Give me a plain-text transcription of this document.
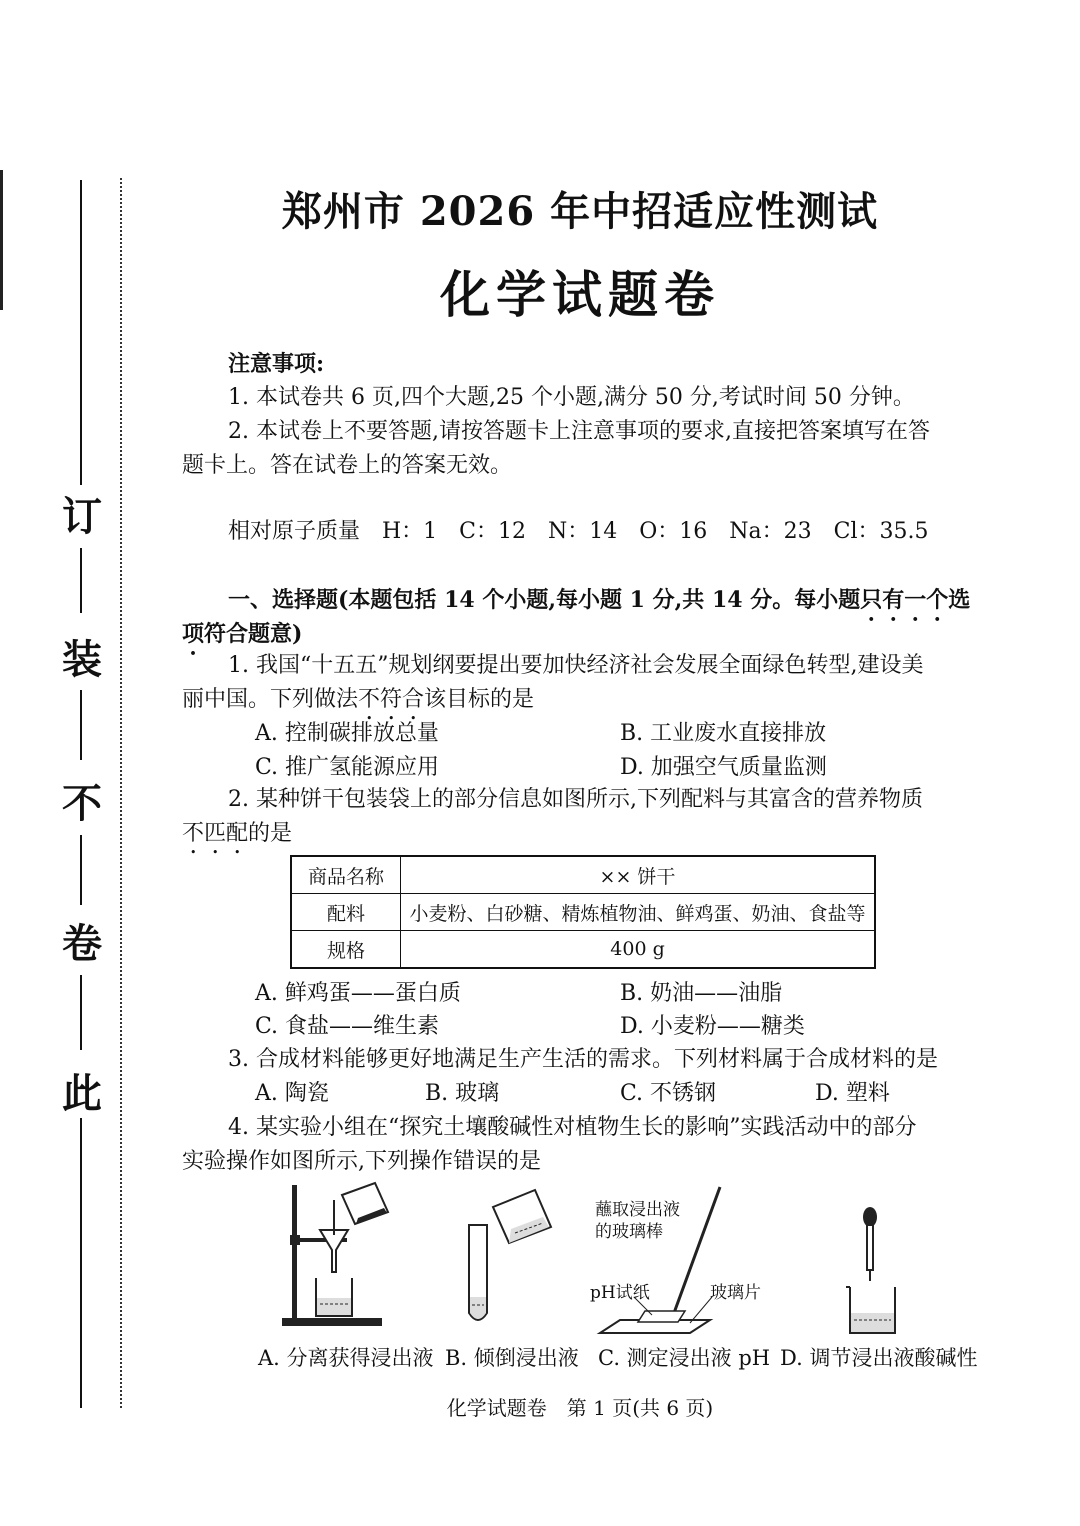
此
卷
不
装
订
郑州市 2026 年中招适应性测试
化学试题卷
注意事项:
1. 本试卷共 6 页,四个大题,25 个小题,满分 50 分,考试时间 50 分钟。
2. 本试卷上不要答题,请按答题卡上注意事项的要求,直接把答案填写在答
题卡上。答在试卷上的答案无效。
相对原子质量　H：1　C：12　N：14　O：16　Na：23　Cl：35.5
一、选择题(本题包括 14 个小题,每小题 1 分,共 14 分。每小题只有一个选
项符合题意)
1. 我国“十五五”规划纲要提出要加快经济社会发展全面绿色转型,建设美
丽中国。下列做法不符合该目标的是
A. 控制碳排放总量	B. 工业废水直接排放
C. 推广氢能源应用	D. 加强空气质量监测
2. 某种饼干包装袋上的部分信息如图所示,下列配料与其富含的营养物质
不匹配的是
商品名称	×× 饼干
配料	小麦粉、白砂糖、精炼植物油、鲜鸡蛋、奶油、食盐等
规格	400 g
A. 鲜鸡蛋——蛋白质	B. 奶油——油脂
C. 食盐——维生素	D. 小麦粉——糖类
3. 合成材料能够更好地满足生产生活的需求。下列材料属于合成材料的是
A. 陶瓷	B. 玻璃	C. 不锈钢	D. 塑料
4. 某实验小组在“探究土壤酸碱性对植物生长的影响”实践活动中的部分
实验操作如图所示,下列操作错误的是
蘸取浸出液
的玻璃棒
pH试纸	玻璃片
A. 分离获得浸出液 B. 倾倒浸出液 C. 测定浸出液 pH D. 调节浸出液酸碱性
化学试题卷　第 1 页(共 6 页)
